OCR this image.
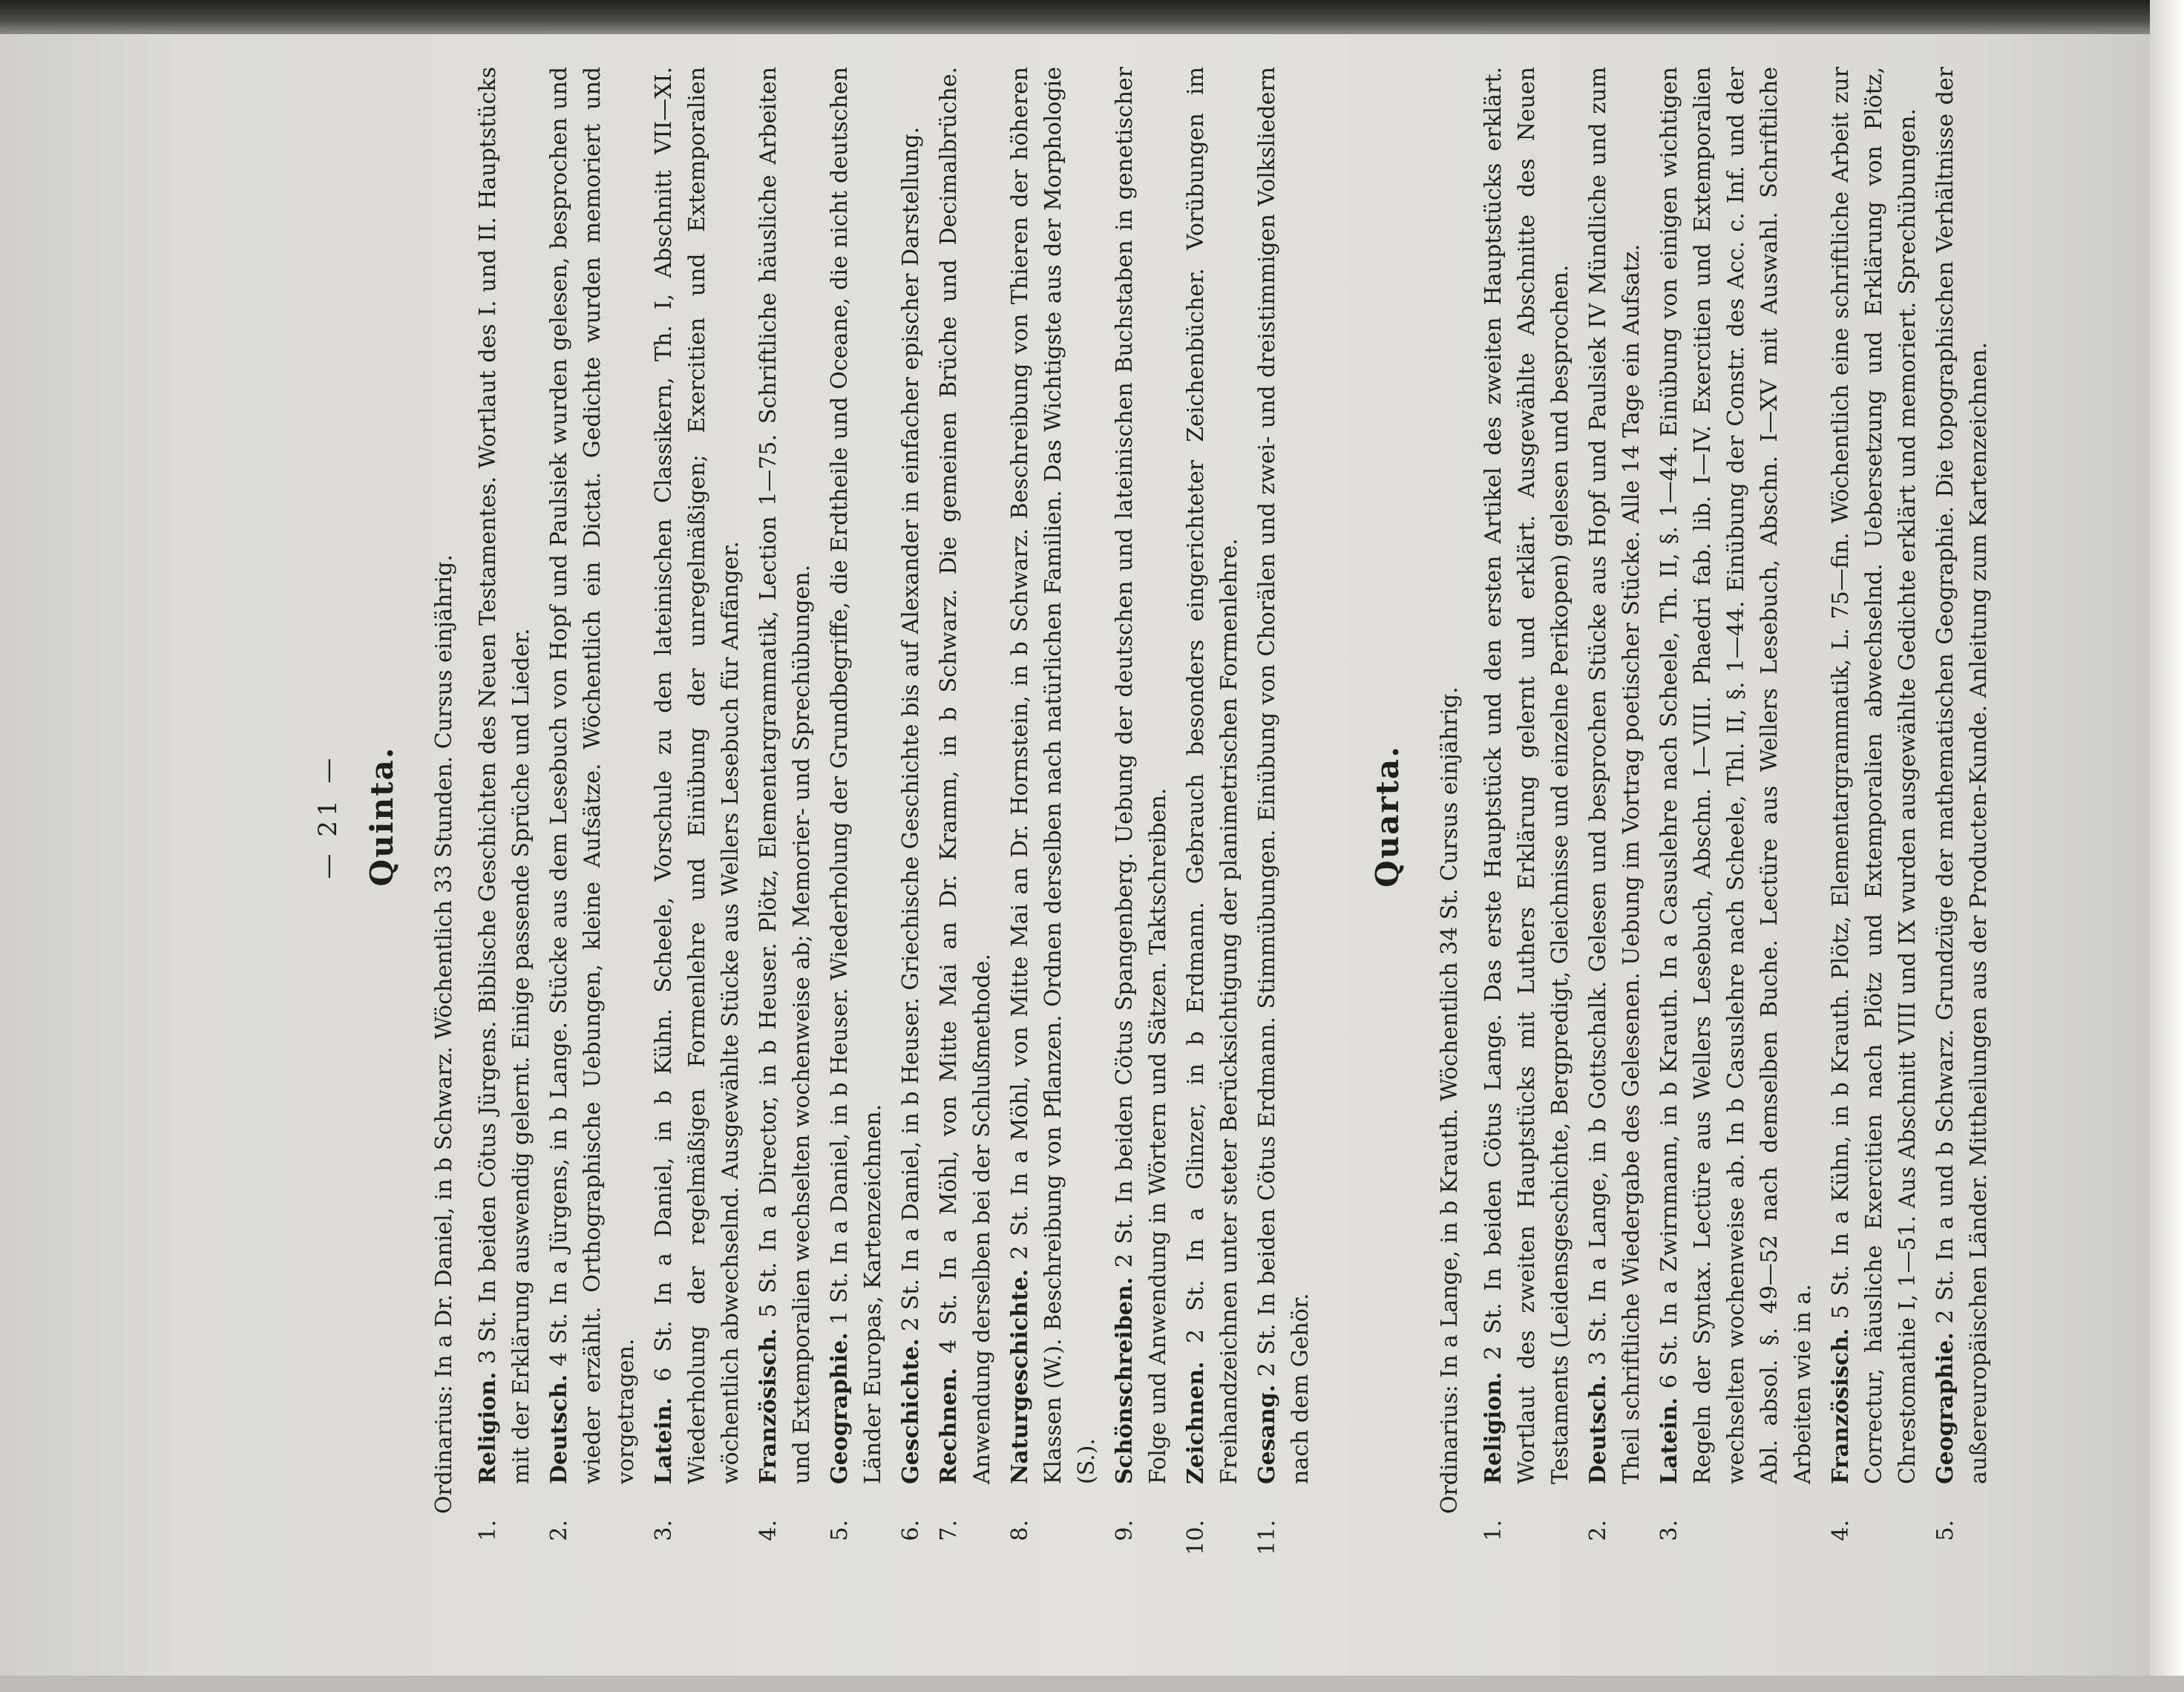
— 21 — Quinta. Ordinarius: In a Dr. Daniel, in b Schwarz. Wöchentlich 33 Stunden. Cursus einjährig.
1.
Religion. 3 St. In beiden Cötus Jürgens. Biblische Geschichten des Neuen Testamentes. Wortlaut des I. und II. Hauptstücks mit der Erklärung auswendig gelernt. Einige passende Sprüche und Lieder.
2.
Deutsch. 4 St. In a Jürgens, in b Lange. Stücke aus dem Lesebuch von Hopf und Paulsiek wurden gelesen, besprochen und wieder erzählt. Orthographische Uebungen, kleine Aufsätze. Wöchentlich ein Dictat. Gedichte wurden memoriert und vorgetragen.
3.
Latein. 6 St. In a Daniel, in b Kühn. Scheele, Vorschule zu den lateinischen Classikern, Th. I, Abschnitt VII—XI. Wiederholung der regelmäßigen Formenlehre und Einübung der unregelmäßigen; Exercitien und Extemporalien wöchentlich abwechselnd. Ausgewählte Stücke aus Wellers Lesebuch für Anfänger.
4.
Französisch. 5 St. In a Director, in b Heuser. Plötz, Elementargrammatik, Lection 1—75. Schriftliche häusliche Arbeiten und Extemporalien wechselten wochenweise ab; Memorier- und Sprechübungen.
5.
Geographie. 1 St. In a Daniel, in b Heuser. Wiederholung der Grundbegriffe, die Erdtheile und Oceane, die nicht deutschen Länder Europas, Kartenzeichnen.
6.
Geschichte. 2 St. In a Daniel, in b Heuser. Griechische Geschichte bis auf Alexander in einfacher epischer Darstellung.
7.
Rechnen. 4 St. In a Möhl, von Mitte Mai an Dr. Kramm, in b Schwarz. Die gemeinen Brüche und Decimalbrüche. Anwendung derselben bei der Schlußmethode.
8.
Naturgeschichte. 2 St. In a Möhl, von Mitte Mai an Dr. Hornstein, in b Schwarz. Beschreibung von Thieren der höheren Klassen (W.). Beschreibung von Pflanzen. Ordnen derselben nach natürlichen Familien. Das Wichtigste aus der Morphologie (S.).
9.
Schönschreiben. 2 St. In beiden Cötus Spangenberg. Uebung der deutschen und lateinischen Buchstaben in genetischer Folge und Anwendung in Wörtern und Sätzen. Taktschreiben.
10.
Zeichnen. 2 St. In a Glinzer, in b Erdmann. Gebrauch besonders eingerichteter Zeichenbücher. Vorübungen im Freihandzeichnen unter steter Berücksichtigung der planimetrischen Formenlehre.
11.
Gesang. 2 St. In beiden Cötus Erdmann. Stimmübungen. Einübung von Chorälen und zwei- und dreistimmigen Volksliedern nach dem Gehör.
Quarta. Ordinarius: In a Lange, in b Krauth. Wöchentlich 34 St. Cursus einjährig.
1.
Religion. 2 St. In beiden Cötus Lange. Das erste Hauptstück und den ersten Artikel des zweiten Hauptstücks erklärt. Wortlaut des zweiten Hauptstücks mit Luthers Erklärung gelernt und erklärt. Ausgewählte Abschnitte des Neuen Testaments (Leidensgeschichte, Bergpredigt, Gleichnisse und einzelne Perikopen) gelesen und besprochen.
2.
Deutsch. 3 St. In a Lange, in b Gottschalk. Gelesen und besprochen Stücke aus Hopf und Paulsiek IV Mündliche und zum Theil schriftliche Wiedergabe des Gelesenen. Uebung im Vortrag poetischer Stücke. Alle 14 Tage ein Aufsatz.
3.
Latein. 6 St. In a Zwirnmann, in b Krauth. In a Casuslehre nach Scheele, Th. II, §. 1—44. Einübung von einigen wichtigen Regeln der Syntax. Lectüre aus Wellers Lesebuch, Abschn. I—VIII. Phaedri fab. lib. I—IV. Exercitien und Extemporalien wechselten wochenweise ab. In b Casuslehre nach Scheele, Thl. II, §. 1—44. Einübung der Constr. des Acc. c. Inf. und der Abl. absol. §. 49—52 nach demselben Buche. Lectüre aus Wellers Lesebuch, Abschn. I—XV mit Auswahl. Schriftliche Arbeiten wie in a.
4.
Französisch. 5 St. In a Kühn, in b Krauth. Plötz, Elementargrammatik, L. 75—fin. Wöchentlich eine schriftliche Arbeit zur Correctur, häusliche Exercitien nach Plötz und Extemporalien abwechselnd. Uebersetzung und Erklärung von Plötz, Chrestomathie I, 1—51. Aus Abschnitt VIII und IX wurden ausgewählte Gedichte erklärt und memoriert. Sprechübungen.
5.
Geographie. 2 St. In a und b Schwarz. Grundzüge der mathematischen Geographie. Die topographischen Verhältnisse der außereuropäischen Länder. Mittheilungen aus der Producten-Kunde. Anleitung zum Kartenzeichnen.
